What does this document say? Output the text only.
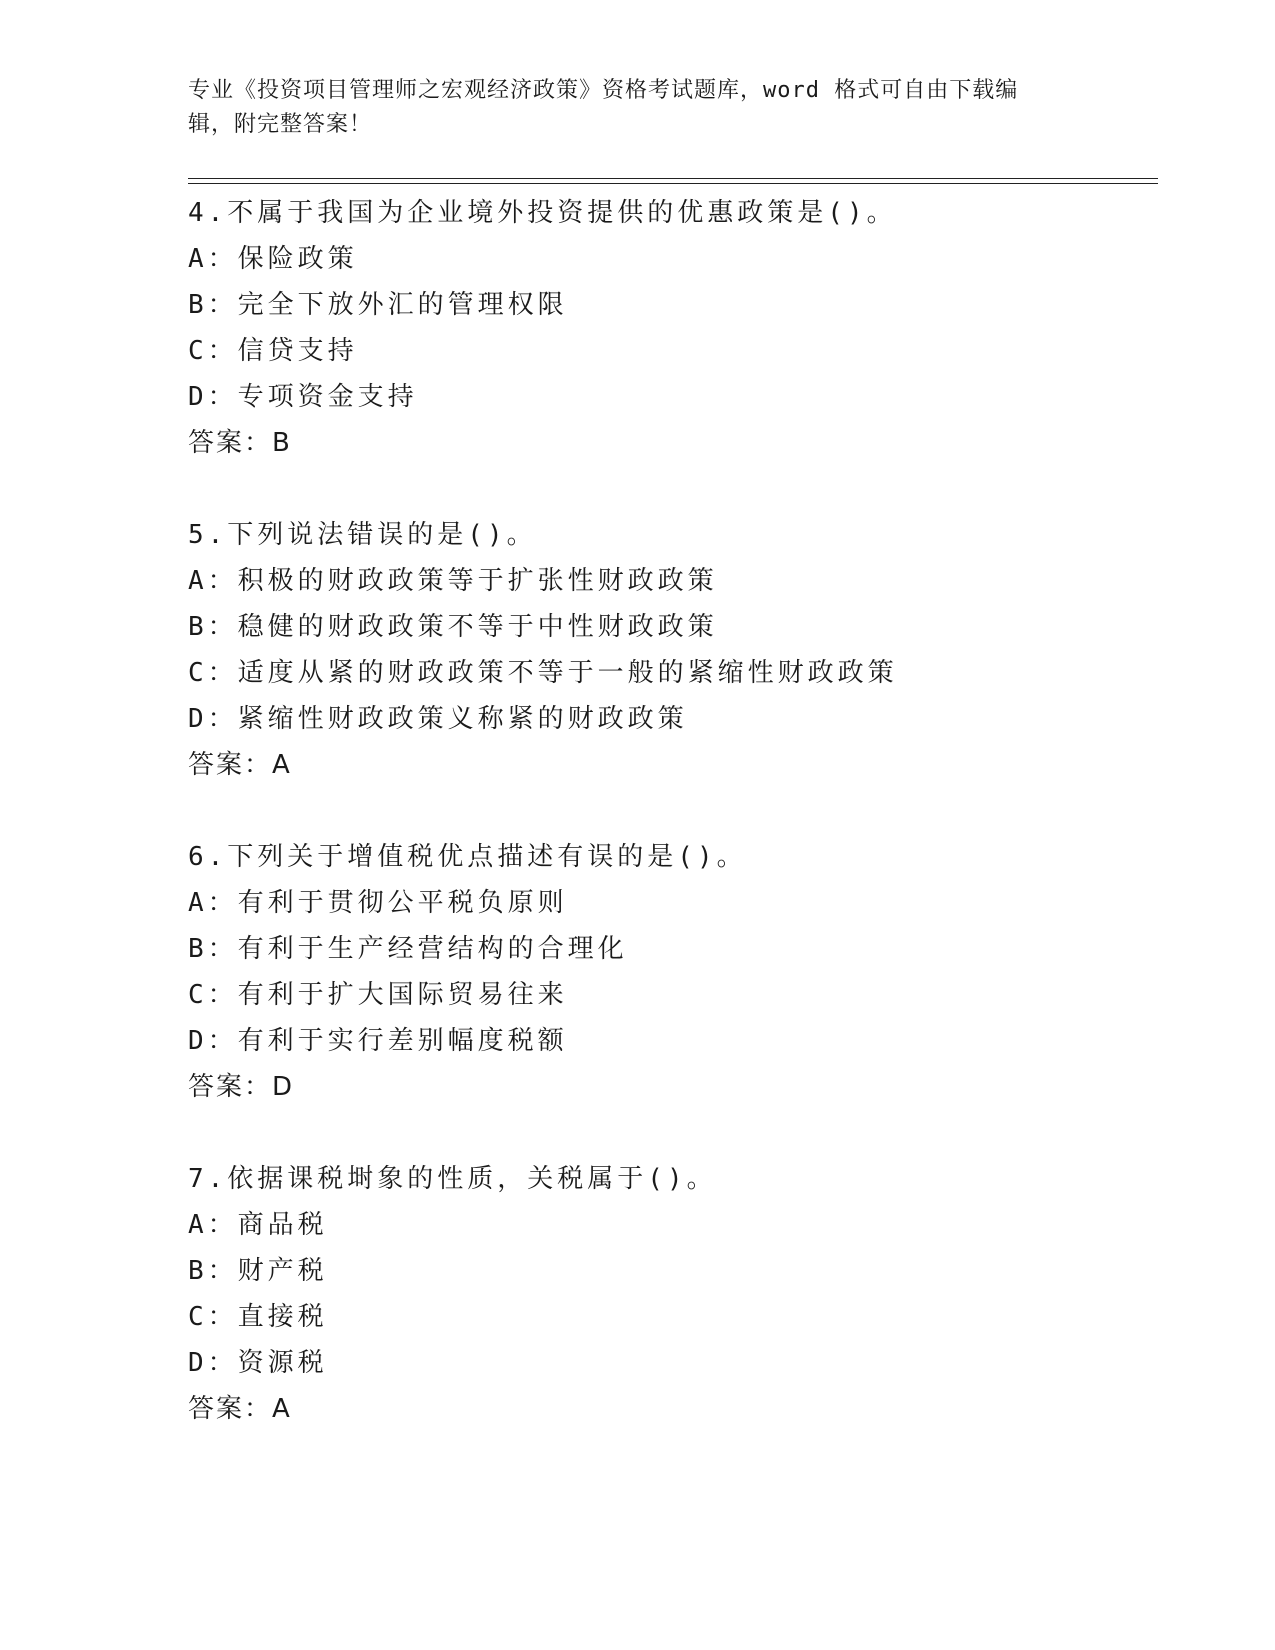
专业《投资项目管理师之宏观经济政策》资格考试题库，word 格式可自由下载编
辑，附完整答案！
4.不属于我国为企业境外投资提供的优惠政策是()。
A：保险政策
B：完全下放外汇的管理权限
C：信贷支持
D：专项资金支持
答案：B
5.下列说法错误的是()。
A：积极的财政政策等于扩张性财政政策
B：稳健的财政政策不等于中性财政政策
C：适度从紧的财政政策不等于一般的紧缩性财政政策
D：紧缩性财政政策义称紧的财政政策
答案：A
6.下列关于增值税优点描述有误的是()。
A：有利于贯彻公平税负原则
B：有利于生产经营结构的合理化
C：有利于扩大国际贸易往来
D：有利于实行差别幅度税额
答案：D
7.依据课税埘象的性质，关税属于()。
A：商品税
B：财产税
C：直接税
D：资源税
答案：A
